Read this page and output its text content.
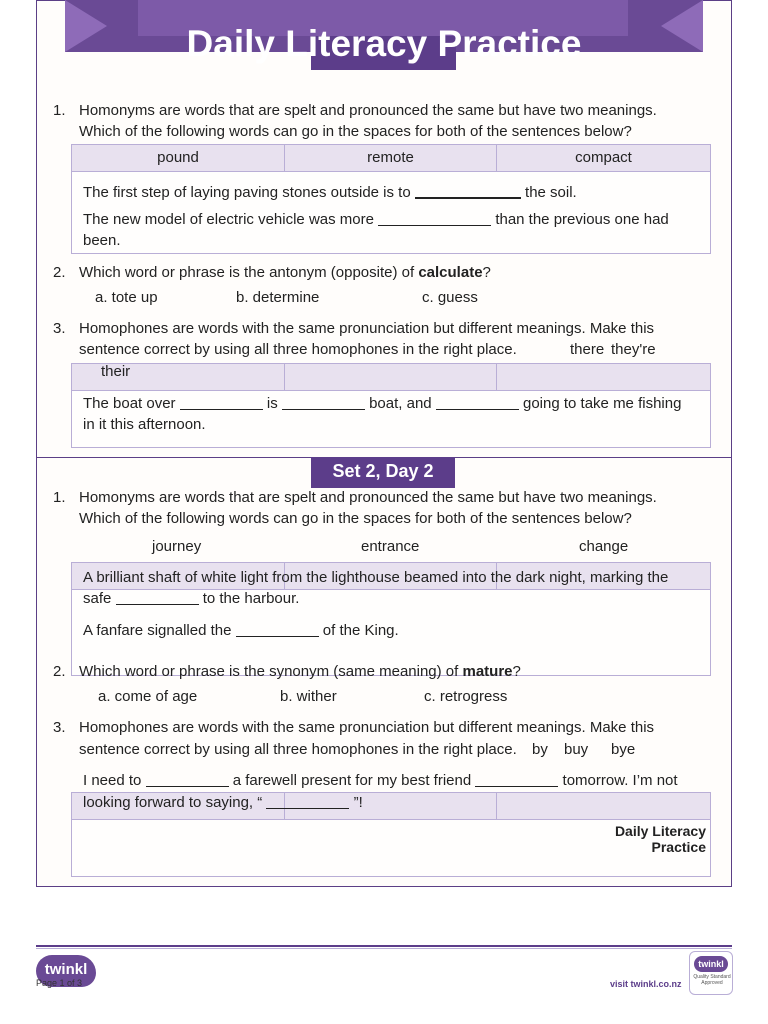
Daily Literacy Practice
1. Homonyms are words that are spelt and pronounced the same but have two meanings.
Which of the following words can go in the spaces for both of the sentences below?
pound	remote	compact
The first step of laying paving stones outside is to	the soil.
The new model of electric vehicle was more	than the previous one had
been.
2. Which word or phrase is the antonym (opposite) of calculate?
a. tote up	b. determine	c. guess
3. Homophones are words with the same pronunciation but different meanings. Make this
sentence correct by using all three homophones in the right place.	there they're
their
The boat over	is	boat, and	going to take me fishing
in it this afternoon.
Set 2, Day 2
1. Homonyms are words that are spelt and pronounced the same but have two meanings.
Which of the following words can go in the spaces for both of the sentences below?
journey	entrance	change
A brilliant shaft of white light from the lighthouse beamed into the dark night, marking the
safe	to the harbour.
A fanfare signalled the	of the King.
2. Which word or phrase is the synonym (same meaning) of mature?
a. come of age	b. wither	c. retrogress
3. Homophones are words with the same pronunciation but different meanings. Make this
sentence correct by using all three homophones in the right place. by buy bye
I need to	a farewell present for my best friend	tomorrow. I’m not
looking forward to saying, “	”!
Daily Literacy Practice
twinkl
Page 1 of 3	visit twinkl.co.nz
twinkl
Quality Standard Approved
